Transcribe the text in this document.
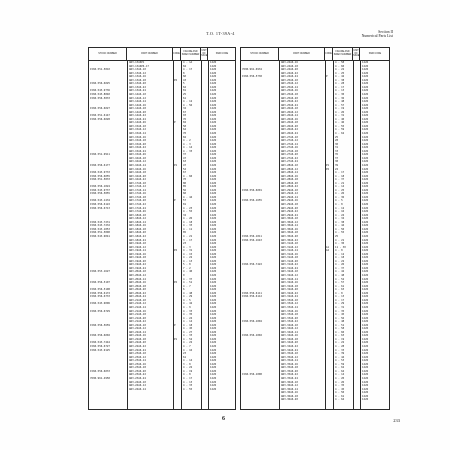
T.O. 1T-39A-4	Section II
Numerical Parts List
STOCK NUMBER	PART NUMBER	CODE
FIGURE AND INDEX NUMBER
UNIT OF ISSUE
SMR CODE
AN3-13A6P1	4 - 1A	1226
AN3-13A6P6-17	84	1226
1560-551-5810	AN3-13A6-10	4 - 17	1226
AN3-13A6-12	8	1226
AN3-13A6-16	60	1226
AN3-13A6-18	P2	43	1226
1560-556-6025	AN3-13A6-20	5	1226
AN3-13A6-22	62	1226
1560-543-9736	AN3-13A6-24	81	1226
1560-543-8840	AN3-14A6-10	25	1226
1560-556-5833	AN3-14A6-12	61	1226
AN3-14A6-14	4 - 12	1226
AN3-14A6-16	4 - 56	1226
1560-556-6027	AN3-14A6-18	32	1226
AN3-14A6-20	67	1226
1560-551-6147	AN3-14A6-22	93	1226
1560-556-6028	AN3-14A6-24	76	1226
AN3-14A6-26	P	82	1226
AN3-15A6-10	58	1226
AN3-15A6-12	64	1226
AN3-15A6-14	70	1226
AN3-15A6-16	84	1226
AN3-15A6-18	4 - 2	1226
AN3-15A6-20	4 - 3	1226
AN3-15A6-22	4 - 14	1226
AN3-15A6-24	4 - 33	1226
1560-551-9911	AN3-15A6-26	37	1226
AN3-16A6-10	47	1226
AN3-16A6-12	63	1226
1560-556-6177	AN3-16A6-14	P1	47	1226
AN3-16A6-16	52	1226
1560-543-9733	AN3-16A6-18	67	1226
1560-556-6055	AN3-16A6-20	4 - 60	1226
1560-551-5833	AN3-16A6-22	70	1226
AN3-17A6-10	80	1226
1560-556-1824	AN3-17A6-12	85	1226
1560-543-9737	AN3-17A6-14	56	1226
1560-556-5855	AN3-17A6-16	60	1226
AN3-17A6-18	4 - 44	1226
1560-543-1434	AN3-17A6-20	P	57	1226
1560-556-6122	AN3-17A6-22	81	1226
1560-556-6713	AN3-17A6-24	4 - 23	1226
AN3-17A6-26	4 - 55	1226
AN3-18A6-10	32	1226
AN3-18A6-12	4 - 26	1226
1560-543-7231	AN3-18A6-14	4 - 18	1226
1560-543-7232	AN3-18A6-16	4 - 33	1226
1560-543-1853	AN3-18A6-18	4 - 11	1226
1560-551-5890	AN3-18A6-20	85	1226
1560-543-9041	AN3-18A6-22	4 - 21	1226
AN3-18A6-24	3 - 17	1226
AN3-19A6-10	23	1226
AN3-19A6-12	4 - 3	1226
AN3-19A6-14	P2	4 - 31	1226
AN3-19A6-16	4 - 15	1226
AN3-19A6-18	4 - 22	1226
AN3-19A6-20	4 - 13	1226
AN3-19A6-22	5 - 8	1226
AN3-19A6-24	7 - 2	1226
1560-553-1627	AN3-20A6-10	4 - 40	1226
AN3-20A6-12	9	1226
AN3-20A6-14	4 - 37	1226
1560-556-5197	AN3-20A6-16	P2	4 - 51	1226
AN3-20A6-18	4 - 7	1226
1560-556-5198	AN3-20A6-20	6	1226
1560-556-6172	AN3-20A6-22	4 - 48	1226
1560-556-6733	AN3-20A6-24	4 - 29	1226
AN3-21A6-10	4 - 5	1226
1560-543-9096	AN3-21A6-12	4 - 42	1226
AN3-21A6-14	4 - 9	1226
1560-556-6729	AN3-21A6-16	4 - 33	1226
AN3-21A6-18	4 - 35	1226
AN3-21A6-20	4 - 24	1226
AN3-21A6-22	4 - 14	1226
1560-556-5659	AN3-22A6-10	P	4 - 18	1226
AN3-22A6-12	4 - 45	1226
AN3-22A6-14	4 - 27	1226
1560-556-6002	AN3-22A6-16	4 - 33	1226
AN3-22A6-18	P1	4 - 52	1226
1560-543-7444	AN3-22A6-20	4 - 22	1226
1560-556-6727	AN3-22A6-22	4 - 7	1226
1560-543-9125	AN3-22A6-24	4 - 16	1226
AN3-23A6-10	23	1226
AN3-23A6-12	61	1226
AN3-23A6-14	4 - 14	1226
AN3-23A6-16	3 - 8	1226
AN3-23A6-18	4 - 22	1226
1560-556-6033	AN3-23A6-20	4 - 19	1226
AN3-23A6-22	4 - 8	1226
7690-961-4958	AN3-23A6-24	4 - 17	1226
AN3-24A6-10	4 - 13	1226
AN3-24A6-12	4 - 33	1226
AN3-24A6-14	4 - 55	1226
STOCK NUMBER	PART NUMBER	CODE
FIGURE AND INDEX NUMBER
UNIT OF ISSUE
SMR CODE
AN3-24A6-16	4 - 58	1226
AN3-24A6-18	4 - 60	1226
7690-961-6934	AN3-24A6-20	4 - 22	1226
AN3-24A6-22	4 - 25	1226
1560-556-5738	AN3-24A6-24	P	4 - 42	1226
AN3-25A6-10	4 - 38	1226
AN3-25A6-12	4 - 28	1226
AN3-25A6-14	4 - 17	1226
AN3-25A6-16	4 - 13	1226
AN3-25A6-18	4 - 30	1226
AN3-25A6-20	4 - 36	1226
AN3-25A6-22	4 - 48	1226
AN3-25A6-24	4 - 57	1226
AN3-26A6-10	4 - 19	1226
AN3-26A6-12	4 - 26	1226
AN3-26A6-14	4 - 31	1226
AN3-26A6-16	4 - 40	1226
AN3-26A6-18	4 - 46	1226
AN3-26A6-20	4 - 55	1226
AN3-26A6-22	4 - 59	1226
AN3-26A6-24	4 - 62	1226
AN3-27A6-10	25	1226
AN3-27A6-12	28	1226
AN3-27A6-14	30	1226
AN3-27A6-16	31	1226
AN3-27A6-18	33	1226
AN3-27A6-20	35	1226
AN3-27A6-22	37	1226
AN3-27A6-24	38	1226
AN3-28A6-10	P1	39	1226
AN3-28A6-12	P2	22	1226
AN3-28A6-14	4 - 17	1226
AN3-28A6-16	4 - 18	1226
AN3-28A6-18	4 - 37	1226
AN3-28A6-20	4 - 21	1226
AN3-28A6-22	4 - 14	1226
1560-556-6001	AN3-29A6-10	4 - 25	1226
AN3-29A6-12	4 - 26	1226
AN3-29A6-14	4 - 36	1226
1560-556-1655	AN3-29A6-16	4 - 5	1226
AN3-29A6-18	4 - 8	1226
AN3-29A6-20	4 - 12	1226
AN3-29A6-22	4 - 16	1226
AN3-29A6-24	4 - 24	1226
AN3-30A6-10	4 - 34	1226
AN3-30A6-12	4 - 38	1226
AN3-30A6-14	4 - 44	1226
AN3-30A6-16	4 - 50	1226
AN3-30A6-18	4 - 55	1226
1560-556-1811	AN3-30A6-20	25	1226
1560-556-1643	AN3-30A6-22	4 - 21	1226
AN3-31A6-10	4 - 30	1226
AN3-31A6-12	A1	11 - 30	1226
AN3-31A6-14	A2	4 - 8	1226
AN3-31A6-16	4 - 12	1226
AN3-31A6-18	4 - 18	1226
AN3-31A6-20	4 - 22	1226
1560-556-7422	AN3-31A6-22	4 - 26	1226
AN3-31A6-24	4 - 37	1226
AN3-32A6-10	4 - 42	1226
AN3-32A6-12	4 - 48	1226
AN3-32A6-14	4 - 52	1226
AN3-32A6-16	4 - 57	1226
AN3-32A6-18	4 - 61	1226
AN3-32A6-20	4 - 63	1226
1560-556-6111	AN3-32A6-22	4 - 8	1226
1560-556-6112	AN3-32A6-24	4 - 13	1226
AN3-33A6-10	4 - 17	1226
AN3-33A6-12	4 - 29	1226
AN3-33A6-14	4 - 31	1226
AN3-33A6-16	4 - 35	1226
AN3-33A6-18	4 - 45	1226
AN3-33A6-20	4 - 56	1226
1560-556-1804	AN3-33A6-22	4 - 48	1226
AN3-34A6-10	4 - 51	1226
AN3-34A6-12	4 - 58	1226
AN3-34A6-14	4 - 60	1226
1560-556-1802	AN3-34A6-16	4 - 63	1226
AN3-34A6-18	4 - 19	1226
AN3-34A6-20	4 - 22	1226
AN3-34A6-22	4 - 28	1226
AN3-34A6-24	4 - 33	1226
AN3-35A6-10	4 - 39	1226
AN3-35A6-12	4 - 44	1226
AN3-35A6-14	4 - 53	1226
AN3-35A6-16	4 - 59	1226
AN3-35A6-18	4 - 62	1226
AN3-35A6-20	4 - 64	1226
1560-556-1808	AN3-35A6-22	4 - 14	1226
AN3-35A6-24	4 - 20	1226
AN3-36A6-10	4 - 26	1226
AN3-36A6-12	4 - 35	1226
AN3-36A6-14	4 - 45	1226
AN3-36A6-16	4 - 50	1226
AN3-36A6-18	4 - 61	1226
AN3-36A6-20	4 - 64	1226
6	233
